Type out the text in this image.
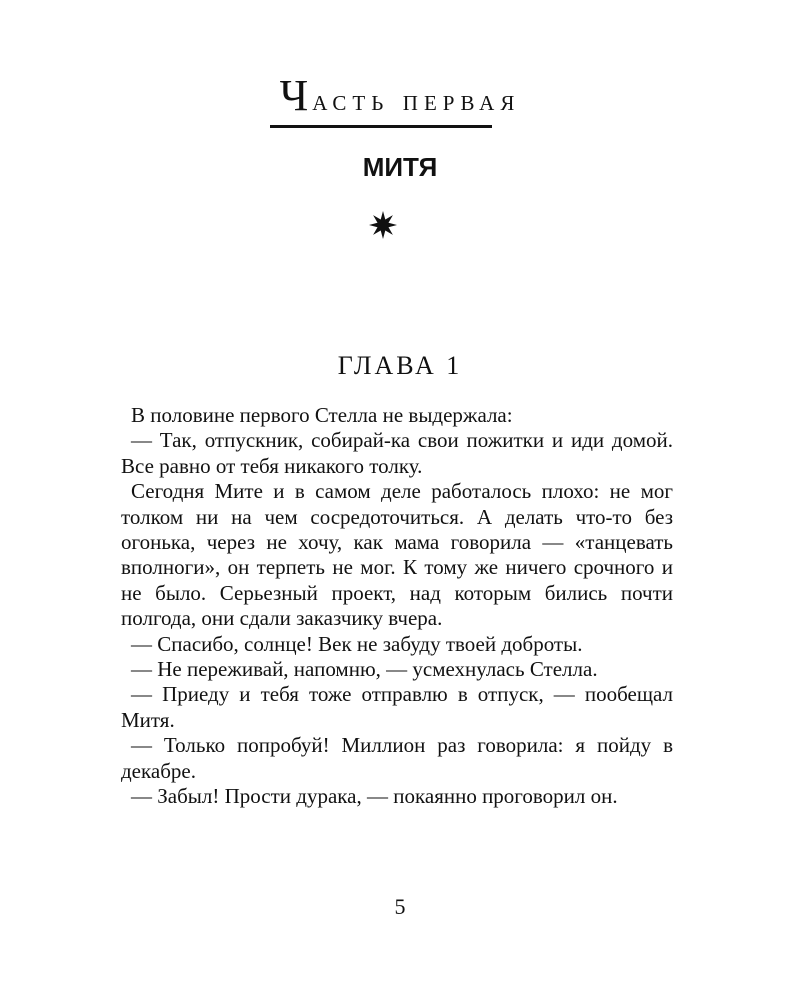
Часть первая
МИТЯ
ГЛАВА 1

В половине первого Стелла не выдержала:

— Так, отпускник, собирай-ка свои пожитки и иди домой. Все равно от тебя никакого толку.

Сегодня Мите и в самом деле работалось плохо: не мог толком ни на чем сосредоточиться. А делать что-то без огонька, через не хочу, как мама говорила — «танцевать вполноги», он терпеть не мог. К тому же ничего срочного и не было. Серьезный проект, над которым бились почти полгода, они сдали заказчику вчера.

— Спасибо, солнце! Век не забуду твоей доброты.

— Не переживай, напомню, — усмехнулась Стелла.

— Приеду и тебя тоже отправлю в отпуск, — пообещал Митя.

— Только попробуй! Миллион раз говорила: я пойду в декабре.

— Забыл! Прости дурака, — покаянно проговорил он.

5
